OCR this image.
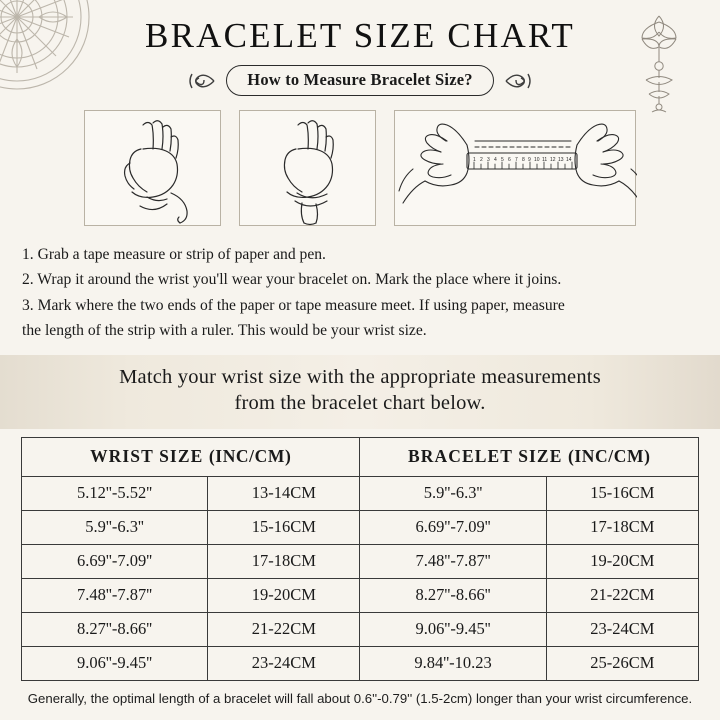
BRACELET SIZE CHART
How to Measure Bracelet Size?
1 2 3 4 5 6 7 8 9 10 11 12 13 14
1. Grab a tape measure or strip of paper and pen.
2. Wrap it around the wrist you'll wear your bracelet on. Mark the place where it joins.
3. Mark where the two ends of the paper or tape measure meet. If using paper, measure
the length of the strip with a ruler. This would be your wrist size.
Match your wrist size with the appropriate measurements
from the bracelet chart below.
WRIST SIZE (INC/CM)		BRACELET SIZE (INC/CM)	
5.12''-5.52''	13-14CM	5.9''-6.3''	15-16CM
5.9''-6.3''	15-16CM	6.69''-7.09''	17-18CM
6.69''-7.09''	17-18CM	7.48''-7.87''	19-20CM
7.48''-7.87''	19-20CM	8.27''-8.66''	21-22CM
8.27''-8.66''	21-22CM	9.06''-9.45''	23-24CM
9.06''-9.45''	23-24CM	9.84''-10.23	25-26CM
Generally, the optimal length of a bracelet will fall about 0.6''-0.79'' (1.5-2cm) longer than your wrist circumference.
